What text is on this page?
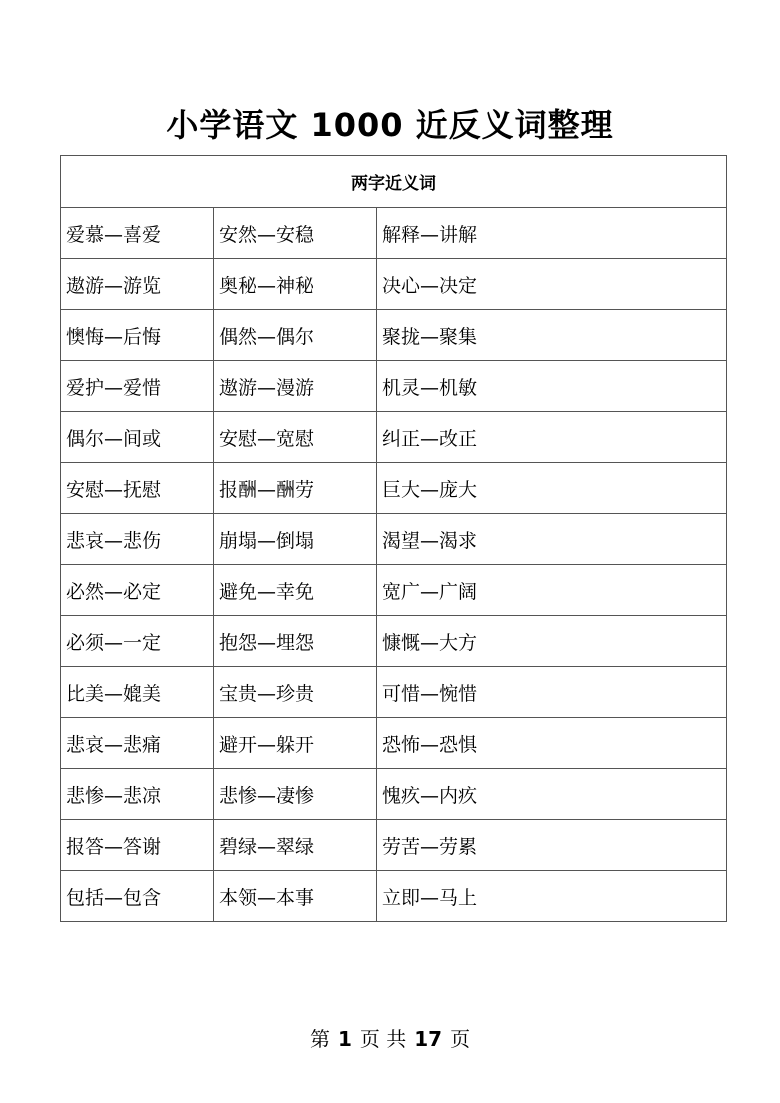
小学语文 1000 近反义词整理
两字近义词		
爱慕—喜爱	安然—安稳	解释—讲解
遨游—游览	奥秘—神秘	决心—决定
懊悔—后悔	偶然—偶尔	聚拢—聚集
爱护—爱惜	遨游—漫游	机灵—机敏
偶尔—间或	安慰—宽慰	纠正—改正
安慰—抚慰	报酬—酬劳	巨大—庞大
悲哀—悲伤	崩塌—倒塌	渴望—渴求
必然—必定	避免—幸免	宽广—广阔
必须—一定	抱怨—埋怨	慷慨—大方
比美—媲美	宝贵—珍贵	可惜—惋惜
悲哀—悲痛	避开—躲开	恐怖—恐惧
悲惨—悲凉	悲惨—凄惨	愧疚—内疚
报答—答谢	碧绿—翠绿	劳苦—劳累
包括—包含	本领—本事	立即—马上
第 1 页 共 17 页
